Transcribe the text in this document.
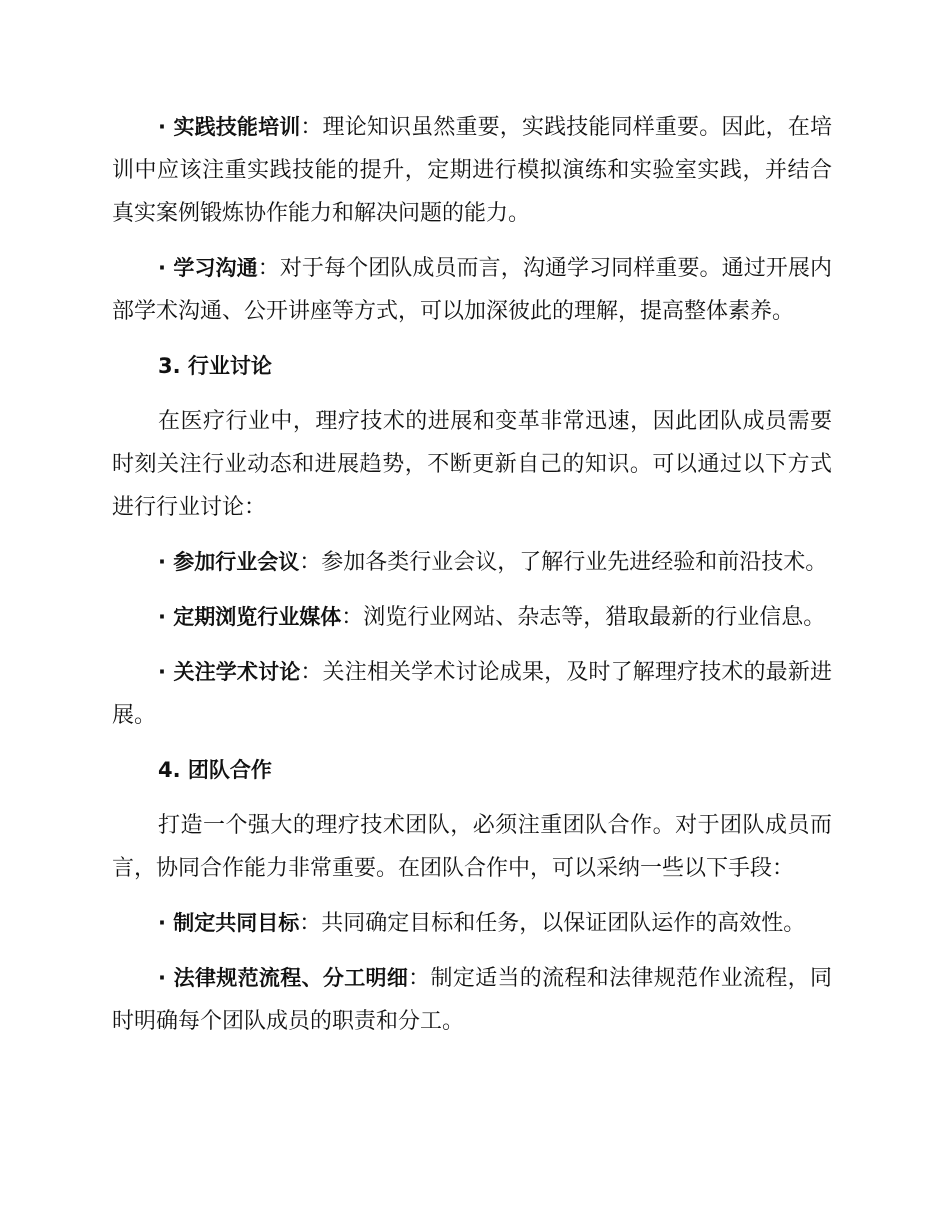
· 实践技能培训：理论知识虽然重要，实践技能同样重要。因此，在培训中应该注重实践技能的提升，定期进行模拟演练和实验室实践，并结合真实案例锻炼协作能力和解决问题的能力。

· 学习沟通：对于每个团队成员而言，沟通学习同样重要。通过开展内部学术沟通、公开讲座等方式，可以加深彼此的理解，提高整体素养。

3. 行业讨论

在医疗行业中，理疗技术的进展和变革非常迅速，因此团队成员需要时刻关注行业动态和进展趋势，不断更新自己的知识。可以通过以下方式进行行业讨论：

· 参加行业会议：参加各类行业会议，了解行业先进经验和前沿技术。

· 定期浏览行业媒体：浏览行业网站、杂志等，猎取最新的行业信息。

· 关注学术讨论：关注相关学术讨论成果，及时了解理疗技术的最新进展。

4. 团队合作

打造一个强大的理疗技术团队，必须注重团队合作。对于团队成员而言，协同合作能力非常重要。在团队合作中，可以采纳一些以下手段：

· 制定共同目标：共同确定目标和任务，以保证团队运作的高效性。

· 法律规范流程、分工明细：制定适当的流程和法律规范作业流程，同时明确每个团队成员的职责和分工。
